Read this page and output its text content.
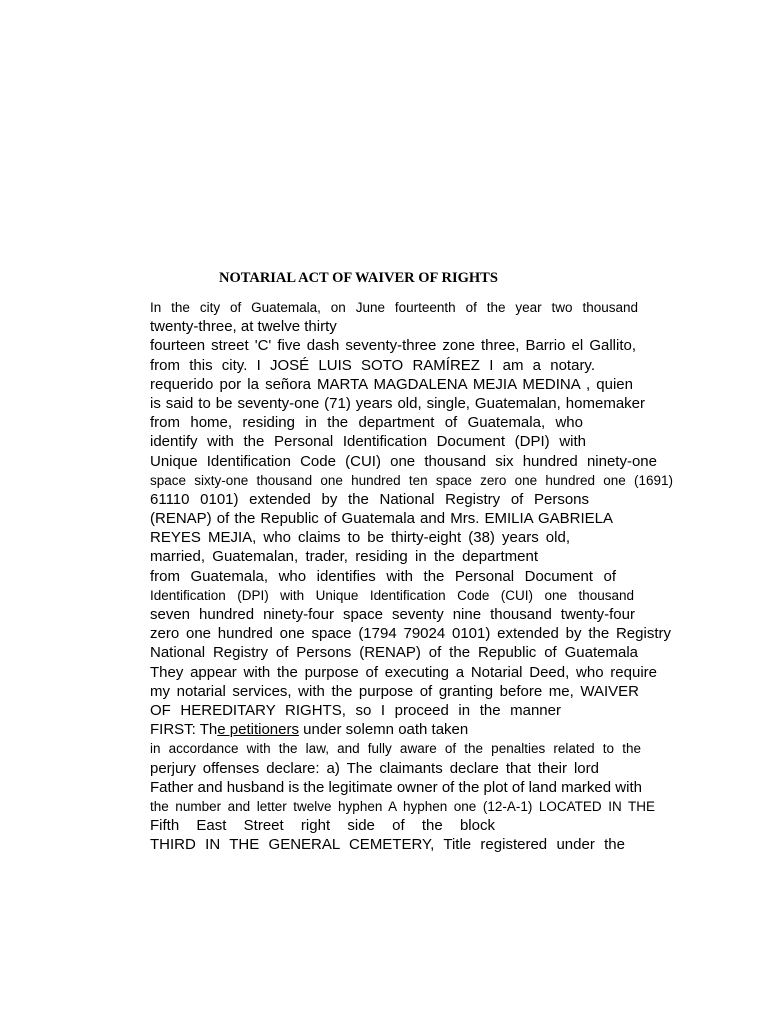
NOTARIAL ACT OF WAIVER OF RIGHTS
In the city of Guatemala, on June fourteenth of the year two thousand
twenty-three, at twelve thirty
fourteen street 'C' five dash seventy-three zone three, Barrio el Gallito,
from this city. I JOSÉ LUIS SOTO RAMÍREZ I am a notary.
requerido por la señora MARTA MAGDALENA MEJIA MEDINA , quien
is said to be seventy-one (71) years old, single, Guatemalan, homemaker
from home, residing in the department of Guatemala, who
identify with the Personal Identification Document (DPI) with
Unique Identification Code (CUI) one thousand six hundred ninety-one
space sixty-one thousand one hundred ten space zero one hundred one (1691)
61110 0101) extended by the National Registry of Persons
(RENAP) of the Republic of Guatemala and Mrs. EMILIA GABRIELA
REYES MEJIA, who claims to be thirty-eight (38) years old,
married, Guatemalan, trader, residing in the department
from Guatemala, who identifies with the Personal Document of
Identification (DPI) with Unique Identification Code (CUI) one thousand
seven hundred ninety-four space seventy nine thousand twenty-four
zero one hundred one space (1794 79024 0101) extended by the Registry
National Registry of Persons (RENAP) of the Republic of Guatemala
They appear with the purpose of executing a Notarial Deed, who require
my notarial services, with the purpose of granting before me, WAIVER
OF HEREDITARY RIGHTS, so I proceed in the manner
FIRST: The petitioners under solemn oath taken
in accordance with the law, and fully aware of the penalties related to the
perjury offenses declare: a) The claimants declare that their lord
Father and husband is the legitimate owner of the plot of land marked with
the number and letter twelve hyphen A hyphen one (12-A-1) LOCATED IN THE
Fifth East Street right side of the block
THIRD IN THE GENERAL CEMETERY, Title registered under the
